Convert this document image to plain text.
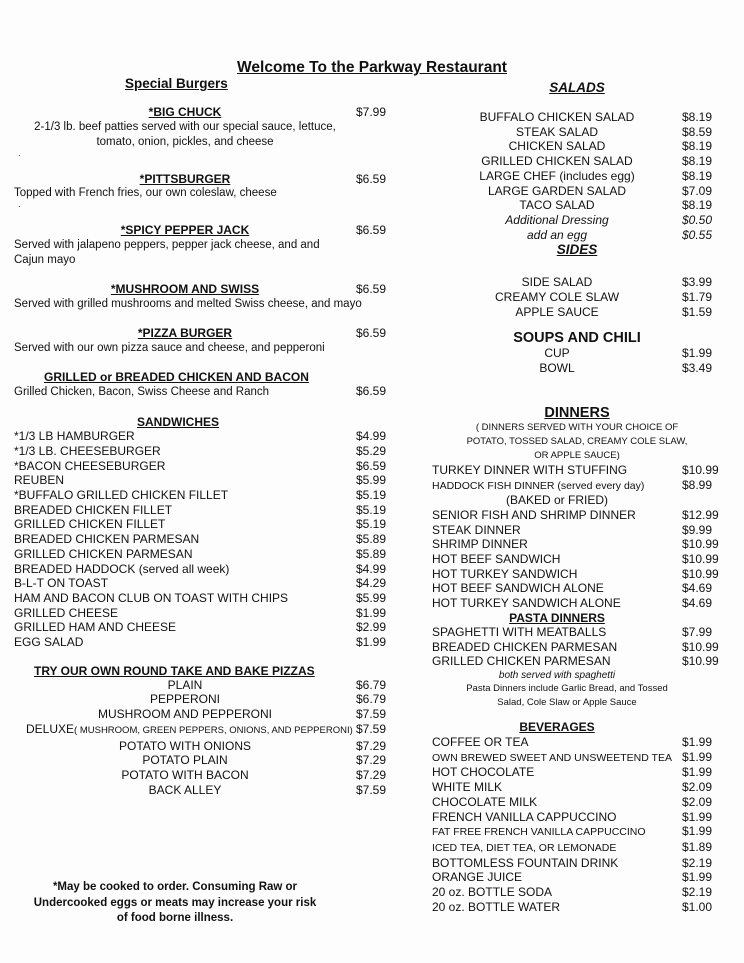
Welcome To the Parkway Restaurant
Special Burgers
*BIG CHUCK	$7.99
2-1/3 lb. beef patties served with our special sauce, lettuce, tomato, onion, pickles, and cheese
·
*PITTSBURGER	$6.59
Topped with French fries, our own coleslaw, cheese
·
*SPICY PEPPER JACK	$6.59
Served with jalapeno peppers, pepper jack cheese, and and Cajun mayo
*MUSHROOM AND SWISS	$6.59
Served with grilled mushrooms and melted Swiss cheese, and mayo
*PIZZA BURGER	$6.59
Served with our own pizza sauce and cheese, and pepperoni
GRILLED or BREADED CHICKEN AND BACON
Grilled Chicken, Bacon, Swiss Cheese and Ranch	$6.59
SANDWICHES
*1/3 LB HAMBURGER	$4.99
*1/3 LB. CHEESEBURGER	$5.29
*BACON CHEESEBURGER	$6.59
REUBEN	$5.99
*BUFFALO GRILLED CHICKEN FILLET	$5.19
BREADED CHICKEN FILLET	$5.19
GRILLED CHICKEN FILLET	$5.19
BREADED CHICKEN PARMESAN	$5.89
GRILLED CHICKEN PARMESAN	$5.89
BREADED HADDOCK (served all week)	$4.99
B-L-T ON TOAST	$4.29
HAM AND BACON CLUB ON TOAST WITH CHIPS	$5.99
GRILLED CHEESE	$1.99
GRILLED HAM AND CHEESE	$2.99
EGG SALAD	$1.99
TRY OUR OWN ROUND TAKE AND BAKE PIZZAS
PLAIN	$6.79
PEPPERONI	$6.79
MUSHROOM AND PEPPERONI	$7.59
DELUXE( MUSHROOM, GREEN PEPPERS, ONIONS, AND PEPPERONI) $7.59
POTATO WITH ONIONS	$7.29
POTATO PLAIN	$7.29
POTATO WITH BACON	$7.29
BACK ALLEY	$7.59
*May be cooked to order. Consuming Raw or Undercooked eggs or meats may increase your risk of food borne illness.
SALADS
BUFFALO CHICKEN SALAD	$8.19
STEAK SALAD	$8.59
CHICKEN SALAD	$8.19
GRILLED CHICKEN SALAD	$8.19
LARGE CHEF (includes egg)	$8.19
LARGE GARDEN SALAD	$7.09
TACO SALAD	$8.19
Additional Dressing	$0.50
add an egg	$0.55
SIDES
SIDE SALAD	$3.99
CREAMY COLE SLAW	$1.79
APPLE SAUCE	$1.59
SOUPS AND CHILI
CUP	$1.99
BOWL	$3.49
DINNERS
( DINNERS SERVED WITH YOUR CHOICE OF POTATO, TOSSED SALAD, CREAMY COLE SLAW, OR APPLE SAUCE)
TURKEY DINNER WITH STUFFING	$10.99
HADDOCK FISH DINNER (served every day)	$8.99
(BAKED or FRIED)
SENIOR FISH AND SHRIMP DINNER	$12.99
STEAK DINNER	$9.99
SHRIMP DINNER	$10.99
HOT BEEF SANDWICH	$10.99
HOT TURKEY SANDWICH	$10.99
HOT BEEF SANDWICH ALONE	$4.69
HOT TURKEY SANDWICH ALONE	$4.69
PASTA DINNERS
SPAGHETTI WITH MEATBALLS	$7.99
BREADED CHICKEN PARMESAN	$10.99
GRILLED CHICKEN PARMESAN	$10.99
both served with spaghetti
Pasta Dinners include Garlic Bread, and Tossed Salad, Cole Slaw or Apple Sauce
BEVERAGES
COFFEE OR TEA	$1.99
OWN BREWED SWEET AND UNSWEETEND TEA $1.99
HOT CHOCOLATE	$1.99
WHITE MILK	$2.09
CHOCOLATE MILK	$2.09
FRENCH VANILLA CAPPUCCINO	$1.99
FAT FREE FRENCH VANILLA CAPPUCCINO	$1.99
ICED TEA, DIET TEA, OR LEMONADE	$1.89
BOTTOMLESS FOUNTAIN DRINK	$2.19
ORANGE JUICE	$1.99
20 oz. BOTTLE SODA	$2.19
20 oz. BOTTLE WATER	$1.00
